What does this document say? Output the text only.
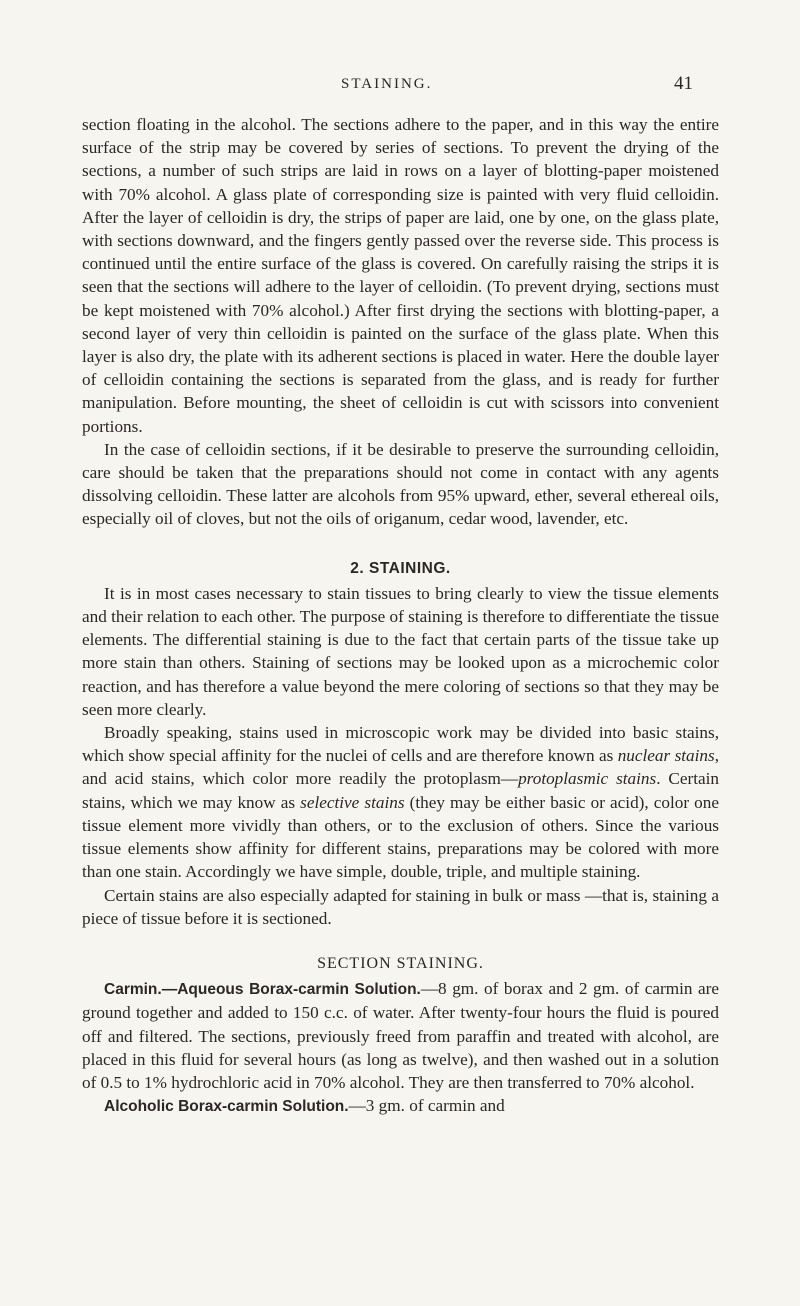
STAINING.	41

section floating in the alcohol. The sections adhere to the paper, and in this way the entire surface of the strip may be covered by series of sections. To prevent the drying of the sections, a number of such strips are laid in rows on a layer of blotting-paper moistened with 70% alcohol. A glass plate of corresponding size is painted with very fluid celloidin. After the layer of celloidin is dry, the strips of paper are laid, one by one, on the glass plate, with sections downward, and the fingers gently passed over the reverse side. This process is continued until the entire surface of the glass is covered. On carefully raising the strips it is seen that the sections will adhere to the layer of celloidin. (To prevent drying, sections must be kept moistened with 70% alcohol.) After first drying the sections with blotting-paper, a second layer of very thin celloidin is painted on the surface of the glass plate. When this layer is also dry, the plate with its adherent sections is placed in water. Here the double layer of celloidin containing the sections is separated from the glass, and is ready for further manipulation. Before mounting, the sheet of celloidin is cut with scissors into convenient portions.

In the case of celloidin sections, if it be desirable to preserve the surrounding celloidin, care should be taken that the preparations should not come in contact with any agents dissolving celloidin. These latter are alcohols from 95% upward, ether, several ethereal oils, especially oil of cloves, but not the oils of origanum, cedar wood, lavender, etc.

2. STAINING.

It is in most cases necessary to stain tissues to bring clearly to view the tissue elements and their relation to each other. The purpose of staining is therefore to differentiate the tissue elements. The differential staining is due to the fact that certain parts of the tissue take up more stain than others. Staining of sections may be looked upon as a microchemic color reaction, and has therefore a value beyond the mere coloring of sections so that they may be seen more clearly.

Broadly speaking, stains used in microscopic work may be divided into basic stains, which show special affinity for the nuclei of cells and are therefore known as nuclear stains, and acid stains, which color more readily the protoplasm—protoplasmic stains. Certain stains, which we may know as selective stains (they may be either basic or acid), color one tissue element more vividly than others, or to the exclusion of others. Since the various tissue elements show affinity for different stains, preparations may be colored with more than one stain. Accordingly we have simple, double, triple, and multiple staining.

Certain stains are also especially adapted for staining in bulk or mass —that is, staining a piece of tissue before it is sectioned.

SECTION STAINING.

Carmin.—Aqueous Borax-carmin Solution.—8 gm. of borax and 2 gm. of carmin are ground together and added to 150 c.c. of water. After twenty-four hours the fluid is poured off and filtered. The sections, previously freed from paraffin and treated with alcohol, are placed in this fluid for several hours (as long as twelve), and then washed out in a solution of 0.5 to 1% hydrochloric acid in 70% alcohol. They are then transferred to 70% alcohol.

Alcoholic Borax-carmin Solution.—3 gm. of carmin and
